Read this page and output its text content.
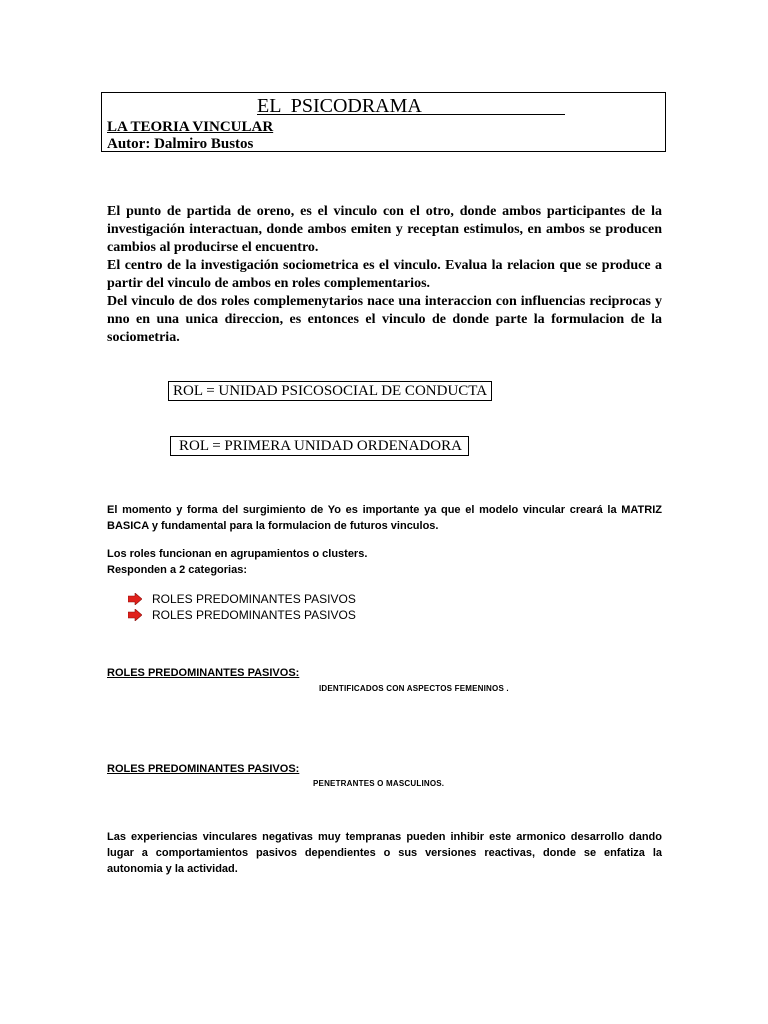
EL  PSICODRAMA
LA TEORIA VINCULAR
Autor: Dalmiro Bustos

El punto de partida de oreno, es el vinculo con el otro, donde ambos participantes de la investigación interactuan, donde ambos emiten y receptan estimulos, en ambos se producen cambios al producirse el encuentro.

El centro de la investigación sociometrica es el vinculo. Evalua la relacion que se produce a partir del vinculo de ambos en roles complementarios.

Del vinculo de dos roles complemenytarios nace una interaccion con influencias reciprocas y nno en una unica direccion, es entonces el vinculo de donde parte la formulacion de la sociometria.

ROL = UNIDAD PSICOSOCIAL DE CONDUCTA
ROL = PRIMERA UNIDAD ORDENADORA

El momento y forma del surgimiento de Yo es importante ya que el modelo vincular creará la MATRIZ BASICA y fundamental para la formulacion de futuros vinculos.

Los roles funcionan en agrupamientos o clusters.

Responden a 2 categorias:

ROLES PREDOMINANTES PASIVOS
ROLES PREDOMINANTES PASIVOS
ROLES PREDOMINANTES PASIVOS:
IDENTIFICADOS CON ASPECTOS FEMENINOS .
ROLES PREDOMINANTES PASIVOS:
PENETRANTES O MASCULINOS.

Las experiencias vinculares negativas muy tempranas pueden inhibir este armonico desarrollo dando lugar a comportamientos pasivos dependientes o sus versiones reactivas, donde se enfatiza la autonomia y la actividad.
